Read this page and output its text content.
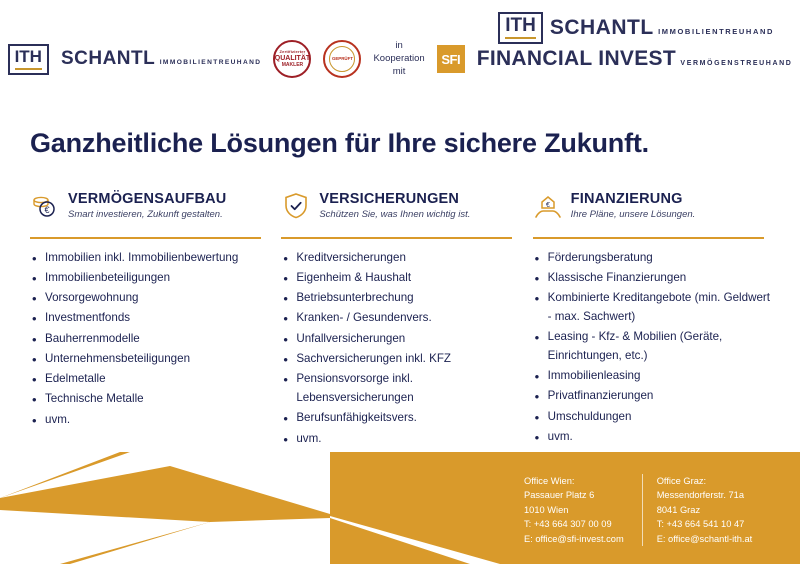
ITH SCHANTL IMMOBILIENTREUHAND
ITH	SCHANTL IMMOBILIENTREUHAND
Zertifizierter
QUALITÄT
MAKLER
GEPRÜFT
in
Kooperation
mit
SFI FINANCIAL INVEST VERMÖGENSTREUHAND
Ganzheitliche Lösungen für Ihre sichere Zukunft.
€
VERMÖGENSAUFBAU
Smart investieren, Zukunft gestalten.
• Immobilien inkl. Immobilienbewertung
• Immobilienbeteiligungen
• Vorsorgewohnung
• Investmentfonds
• Bauherrenmodelle
• Unternehmensbeteiligungen
• Edelmetalle
• Technische Metalle
• uvm.
VERSICHERUNGEN
Schützen Sie, was Ihnen wichtig ist.
• Kreditversicherungen
• Eigenheim & Haushalt
• Betriebsunterbrechung
• Kranken- / Gesundenvers.
• Unfallversicherungen
• Sachversicherungen inkl. KFZ
• Pensionsvorsorge inkl. Lebensversicherungen
• Berufsunfähigkeitsvers.
• uvm.
€ FINANZIERUNG
Ihre Pläne, unsere Lösungen.
• Förderungsberatung
• Klassische Finanzierungen
• Kombinierte Kreditangebote (min. Geldwert - max. Sachwert)
• Leasing - Kfz- & Mobilien (Geräte, Einrichtungen, etc.)
• Immobilienleasing
• Privatfinanzierungen
• Umschuldungen
• uvm.
Office Wien:
Passauer Platz 6
1010 Wien
T: +43 664 307 00 09
E: office@sfi-invest.com
Office Graz:
Messendorferstr. 71a
8041 Graz
T: +43 664 541 10 47
E: office@schantl-ith.at
